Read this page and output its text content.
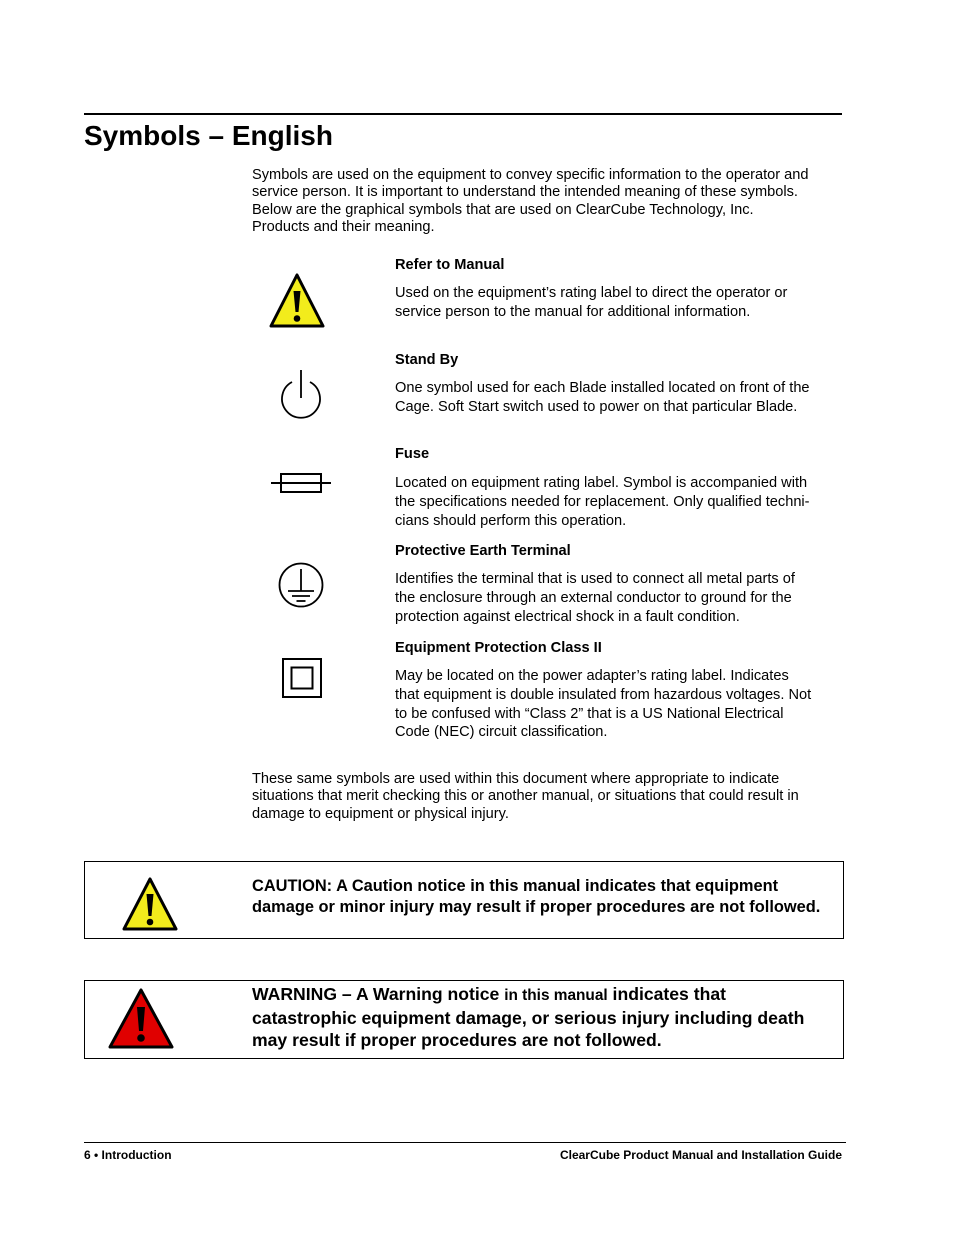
Symbols – English

Symbols are used on the equipment to convey specific information to the operator and
service person. It is important to understand the intended meaning of these symbols.
Below are the graphical symbols that are used on ClearCube Technology, Inc.
Products and their meaning.

Refer to Manual

Used on the equipment’s rating label to direct the operator or
service person to the manual for additional information.

Stand By

One symbol used for each Blade installed located on front of the
Cage. Soft Start switch used to power on that particular Blade.

Fuse

Located on equipment rating label. Symbol is accompanied with
the specifications needed for replacement. Only qualified techni-
cians should perform this operation.

Protective Earth Terminal

Identifies the terminal that is used to connect all metal parts of
the enclosure through an external conductor to ground for the
protection against electrical shock in a fault condition.

Equipment Protection Class II

May be located on the power adapter’s rating label. Indicates
that equipment is double insulated from hazardous voltages. Not
to be confused with “Class 2” that is a US National Electrical
Code (NEC) circuit classification.

These same symbols are used within this document where appropriate to indicate
situations that merit checking this or another manual, or situations that could result in
damage to equipment or physical injury.

CAUTION: A Caution notice in this manual indicates that equipment
damage or minor injury may result if proper procedures are not followed.

WARNING – A Warning notice in this manual indicates that
catastrophic equipment damage, or serious injury including death
may result if proper procedures are not followed.

6 • Introduction	ClearCube Product Manual and Installation Guide
